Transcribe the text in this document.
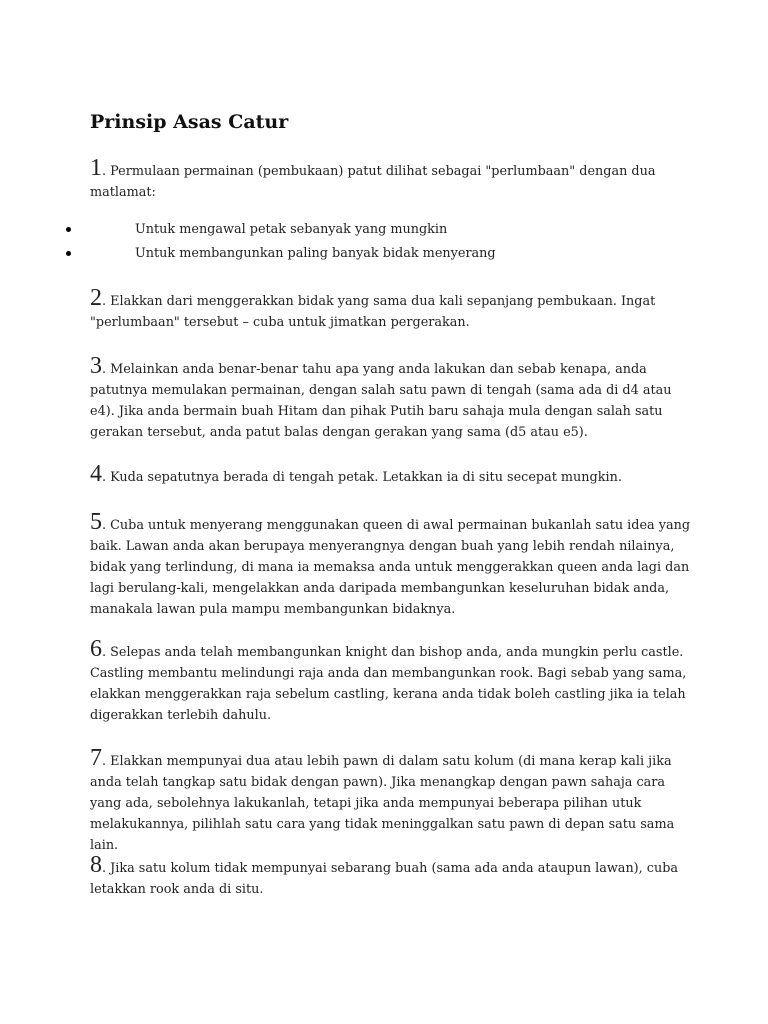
Prinsip Asas Catur

1. Permulaan permainan (pembukaan) patut dilihat sebagai "perlumbaan" dengan dua matlamat:

Untuk mengawal petak sebanyak yang mungkin
Untuk membangunkan paling banyak bidak menyerang

2. Elakkan dari menggerakkan bidak yang sama dua kali sepanjang pembukaan. Ingat "perlumbaan" tersebut – cuba untuk jimatkan pergerakan.

3. Melainkan anda benar-benar tahu apa yang anda lakukan dan sebab kenapa, anda patutnya memulakan permainan, dengan salah satu pawn di tengah (sama ada di d4 atau e4). Jika anda bermain buah Hitam dan pihak Putih baru sahaja mula dengan salah satu gerakan tersebut, anda patut balas dengan gerakan yang sama (d5 atau e5).

4. Kuda sepatutnya berada di tengah petak. Letakkan ia di situ secepat mungkin.

5. Cuba untuk menyerang menggunakan queen di awal permainan bukanlah satu idea yang baik. Lawan anda akan berupaya menyerangnya dengan buah yang lebih rendah nilainya, bidak yang terlindung, di mana ia memaksa anda untuk menggerakkan queen anda lagi dan lagi berulang-kali, mengelakkan anda daripada membangunkan keseluruhan bidak anda, manakala lawan pula mampu membangunkan bidaknya.

6. Selepas anda telah membangunkan knight dan bishop anda, anda mungkin perlu castle. Castling membantu melindungi raja anda dan membangunkan rook. Bagi sebab yang sama, elakkan menggerakkan raja sebelum castling, kerana anda tidak boleh castling jika ia telah digerakkan terlebih dahulu.

7. Elakkan mempunyai dua atau lebih pawn di dalam satu kolum (di mana kerap kali jika anda telah tangkap satu bidak dengan pawn). Jika menangkap dengan pawn sahaja cara yang ada, sebolehnya lakukanlah, tetapi jika anda mempunyai beberapa pilihan utuk melakukannya, pilihlah satu cara yang tidak meninggalkan satu pawn di depan satu sama lain.

8. Jika satu kolum tidak mempunyai sebarang buah (sama ada anda ataupun lawan), cuba letakkan rook anda di situ.
